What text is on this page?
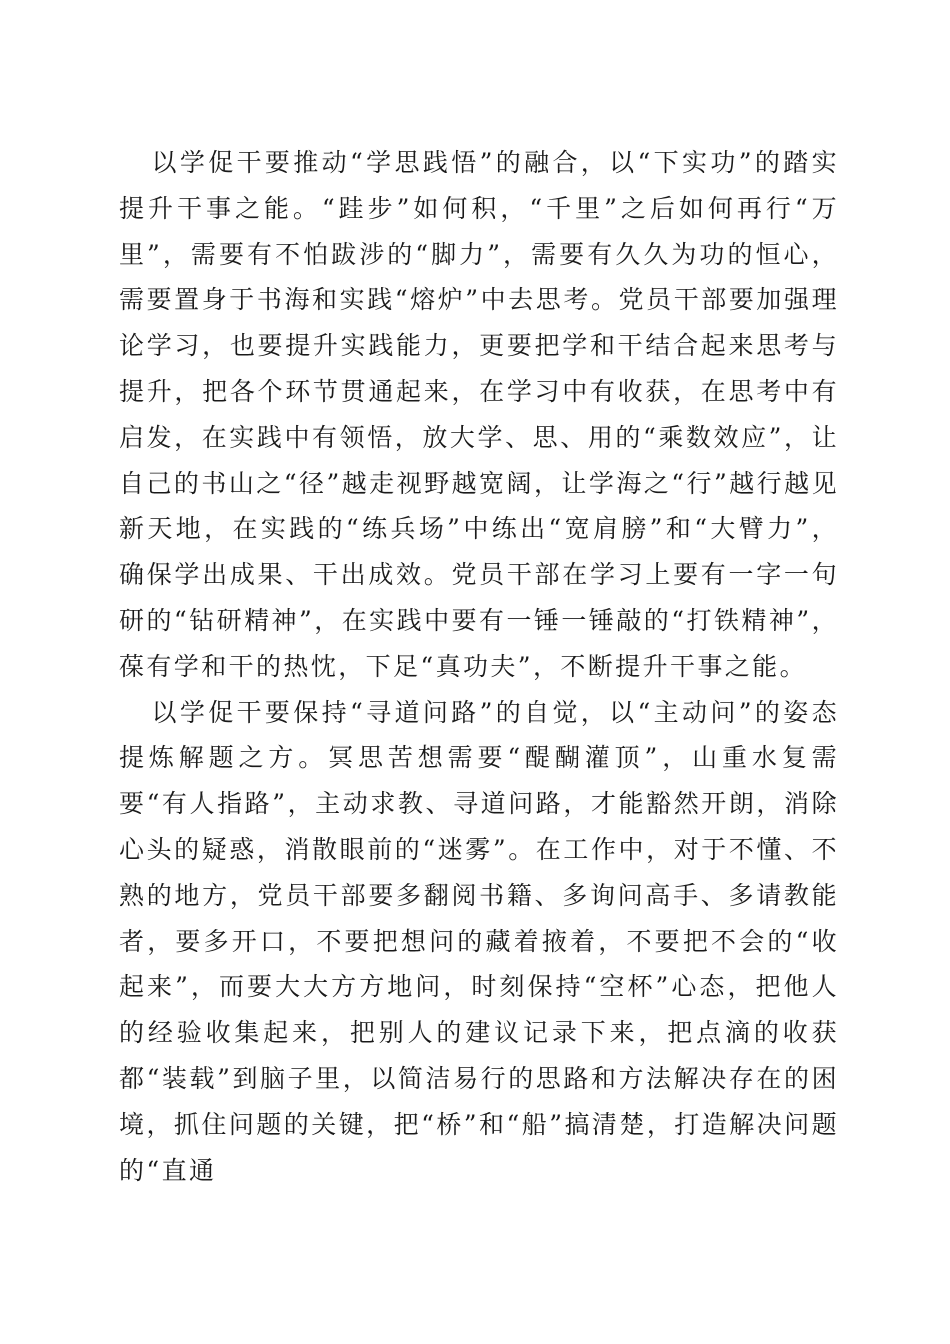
以学促干要推动“学思践悟”的融合，以“下实功”的踏实提升干事之能。“跬步”如何积，“千里”之后如何再行“万里”，需要有不怕跋涉的“脚力”，需要有久久为功的恒心，需要置身于书海和实践“熔炉”中去思考。党员干部要加强理论学习，也要提升实践能力，更要把学和干结合起来思考与提升，把各个环节贯通起来，在学习中有收获，在思考中有启发，在实践中有领悟，放大学、思、用的“乘数效应”，让自己的书山之“径”越走视野越宽阔，让学海之“行”越行越见新天地，在实践的“练兵场”中练出“宽肩膀”和“大臂力”，确保学出成果、干出成效。党员干部在学习上要有一字一句研的“钻研精神”，在实践中要有一锤一锤敲的“打铁精神”，葆有学和干的热忱，下足“真功夫”，不断提升干事之能。

以学促干要保持“寻道问路”的自觉，以“主动问”的姿态提炼解题之方。冥思苦想需要“醍醐灌顶”，山重水复需要“有人指路”，主动求教、寻道问路，才能豁然开朗，消除心头的疑惑，消散眼前的“迷雾”。在工作中，对于不懂、不熟的地方，党员干部要多翻阅书籍、多询问高手、多请教能者，要多开口，不要把想问的藏着掖着，不要把不会的“收起来”，而要大大方方地问，时刻保持“空杯”心态，把他人的经验收集起来，把别人的建议记录下来，把点滴的收获都“装载”到脑子里，以简洁易行的思路和方法解决存在的困境，抓住问题的关键，把“桥”和“船”搞清楚，打造解决问题的“直通
